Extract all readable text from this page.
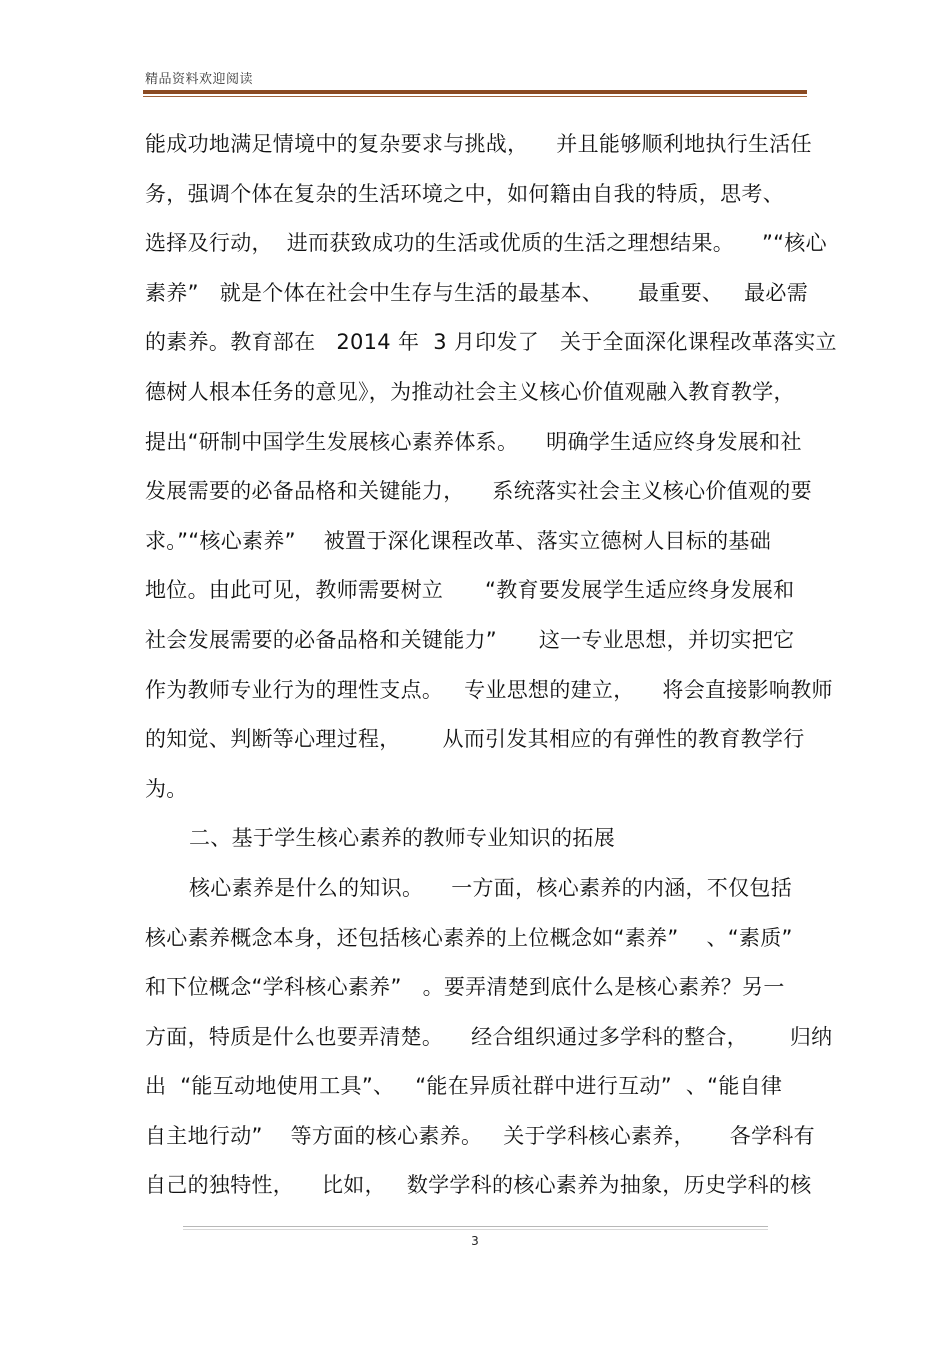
精品资料欢迎阅读
能成功地满足情境中的复杂要求与挑战，    并且能够顺利地执行生活任
务，强调个体在复杂的生活环境之中，如何籍由自我的特质，思考、
选择及行动，  进而获致成功的生活或优质的生活之理想结果。    ”“核心
素养”   就是个体在社会中生存与生活的最基本、     最重要、   最必需
的素养。教育部在   2014 年  3 月印发了   关于全面深化课程改革落实立
德树人根本任务的意见》，为推动社会主义核心价值观融入教育教学，
提出“研制中国学生发展核心素养体系。    明确学生适应终身发展和社
发展需要的必备品格和关键能力，    系统落实社会主义核心价值观的要
求。”“核心素养”    被置于深化课程改革、落实立德树人目标的基础
地位。由此可见，教师需要树立      “教育要发展学生适应终身发展和
社会发展需要的必备品格和关键能力”      这一专业思想，并切实把它
作为教师专业行为的理性支点。   专业思想的建立，    将会直接影响教师
的知觉、判断等心理过程，      从而引发其相应的有弹性的教育教学行
为。
二、基于学生核心素养的教师专业知识的拓展
核心素养是什么的知识。    一方面，核心素养的内涵，不仅包括
核心素养概念本身，还包括核心素养的上位概念如“素养”    、“素质”
和下位概念“学科核心素养”   。要弄清楚到底什么是核心素养？另一
方面，特质是什么也要弄清楚。    经合组织通过多学科的整合，      归纳
出  “能互动地使用工具”、   “能在异质社群中进行互动”  、“能自律
自主地行动”    等方面的核心素养。   关于学科核心素养，     各学科有
自己的独特性，    比如，   数学学科的核心素养为抽象，历史学科的核
3
